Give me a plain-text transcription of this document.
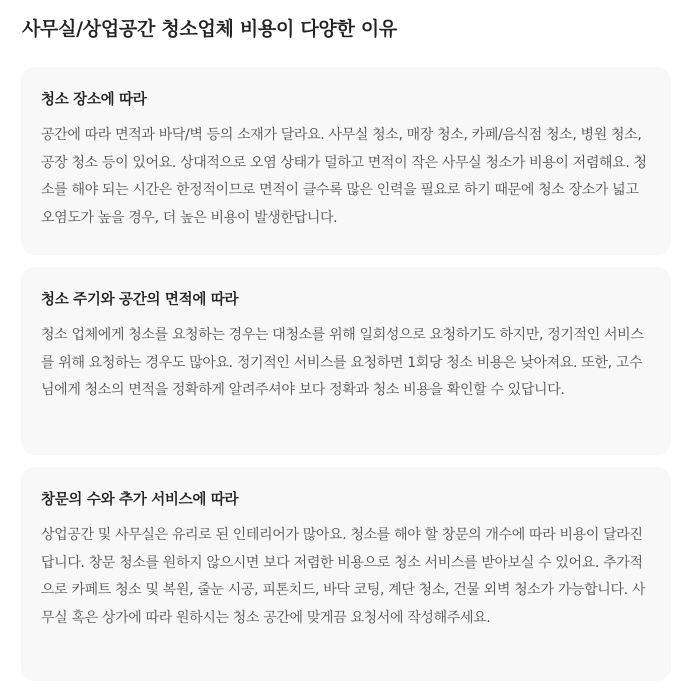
사무실/상업공간 청소업체 비용이 다양한 이유
청소 장소에 따라

공간에 따라 면적과 바닥/벽 등의 소재가 달라요. 사무실 청소, 매장 청소, 카페/음식점 청소, 병원 청소, 공장 청소 등이 있어요. 상대적으로 오염 상태가 덜하고 면적이 작은 사무실 청소가 비용이 저렴해요. 청소를 해야 되는 시간은 한정적이므로 면적이 클수록 많은 인력을 필요로 하기 때문에 청소 장소가 넓고 오염도가 높을 경우, 더 높은 비용이 발생한답니다.

청소 주기와 공간의 면적에 따라

청소 업체에게 청소를 요청하는 경우는 대청소를 위해 일회성으로 요청하기도 하지만, 정기적인 서비스를 위해 요청하는 경우도 많아요. 정기적인 서비스를 요청하면 1회당 청소 비용은 낮아져요. 또한, 고수님에게 청소의 면적을 정확하게 알려주셔야 보다 정확과 청소 비용을 확인할 수 있답니다.

창문의 수와 추가 서비스에 따라

상업공간 및 사무실은 유리로 된 인테리어가 많아요. 청소를 해야 할 창문의 개수에 따라 비용이 달라진답니다. 창문 청소를 원하지 않으시면 보다 저렴한 비용으로 청소 서비스를 받아보실 수 있어요. 추가적으로 카페트 청소 및 복원, 줄눈 시공, 피톤치드, 바닥 코팅, 계단 청소, 건물 외벽 청소가 가능합니다. 사무실 혹은 상가에 따라 원하시는 청소 공간에 맞게끔 요청서에 작성해주세요.
